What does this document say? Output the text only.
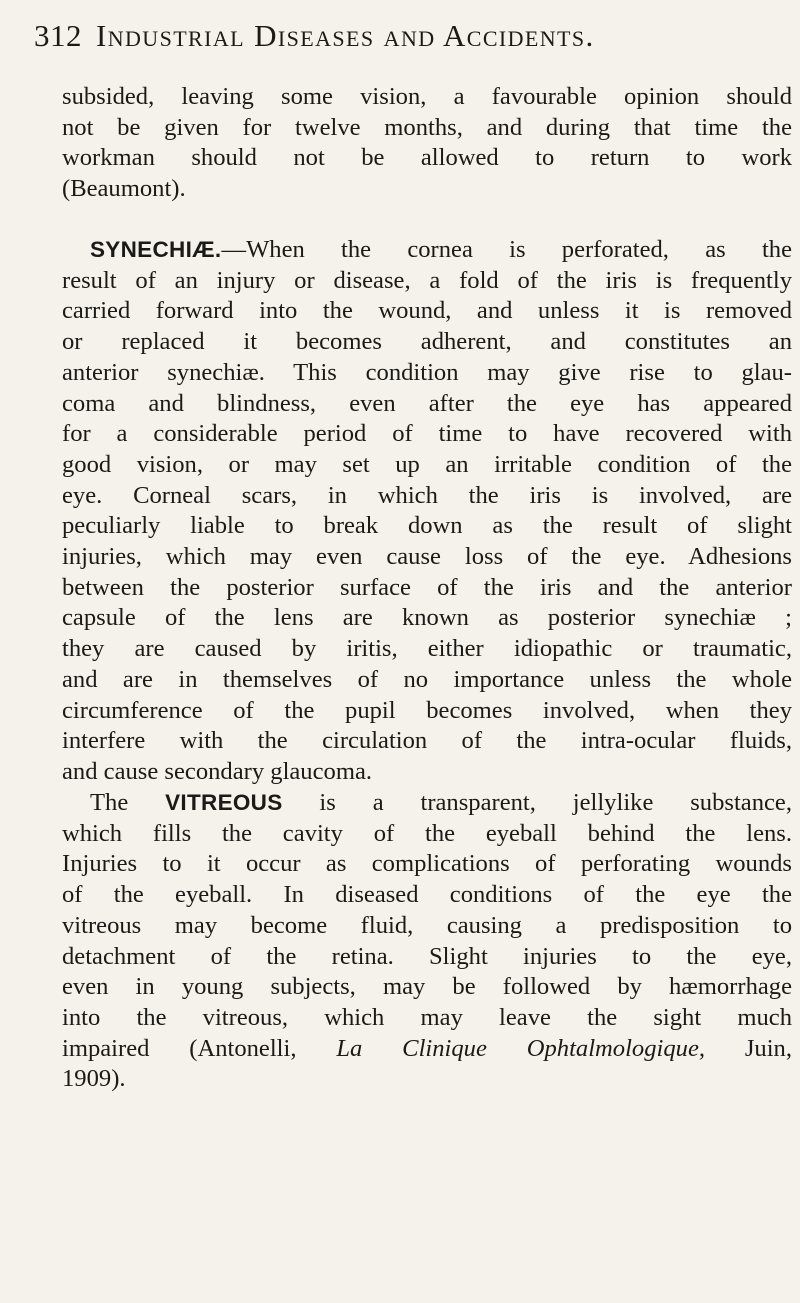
312 Industrial Diseases and Accidents.
subsided, leaving some vision, a favourable opinion should
not be given for twelve months, and during that time the
workman should not be allowed to return to work
(Beaumont).
SYNECHIÆ.—When the cornea is perforated, as the
result of an injury or disease, a fold of the iris is frequently
carried forward into the wound, and unless it is removed
or replaced it becomes adherent, and constitutes an
anterior synechiæ. This condition may give rise to glau-
coma and blindness, even after the eye has appeared
for a considerable period of time to have recovered with
good vision, or may set up an irritable condition of the
eye. Corneal scars, in which the iris is involved, are
peculiarly liable to break down as the result of slight
injuries, which may even cause loss of the eye. Adhesions
between the posterior surface of the iris and the anterior
capsule of the lens are known as posterior synechiæ ;
they are caused by iritis, either idiopathic or traumatic,
and are in themselves of no importance unless the whole
circumference of the pupil becomes involved, when they
interfere with the circulation of the intra-ocular fluids,
and cause secondary glaucoma.
The VITREOUS is a transparent, jellylike substance,
which fills the cavity of the eyeball behind the lens.
Injuries to it occur as complications of perforating wounds
of the eyeball. In diseased conditions of the eye the
vitreous may become fluid, causing a predisposition to
detachment of the retina. Slight injuries to the eye,
even in young subjects, may be followed by hæmorrhage
into the vitreous, which may leave the sight much
impaired (Antonelli, La Clinique Ophtalmologique, Juin,
1909).
